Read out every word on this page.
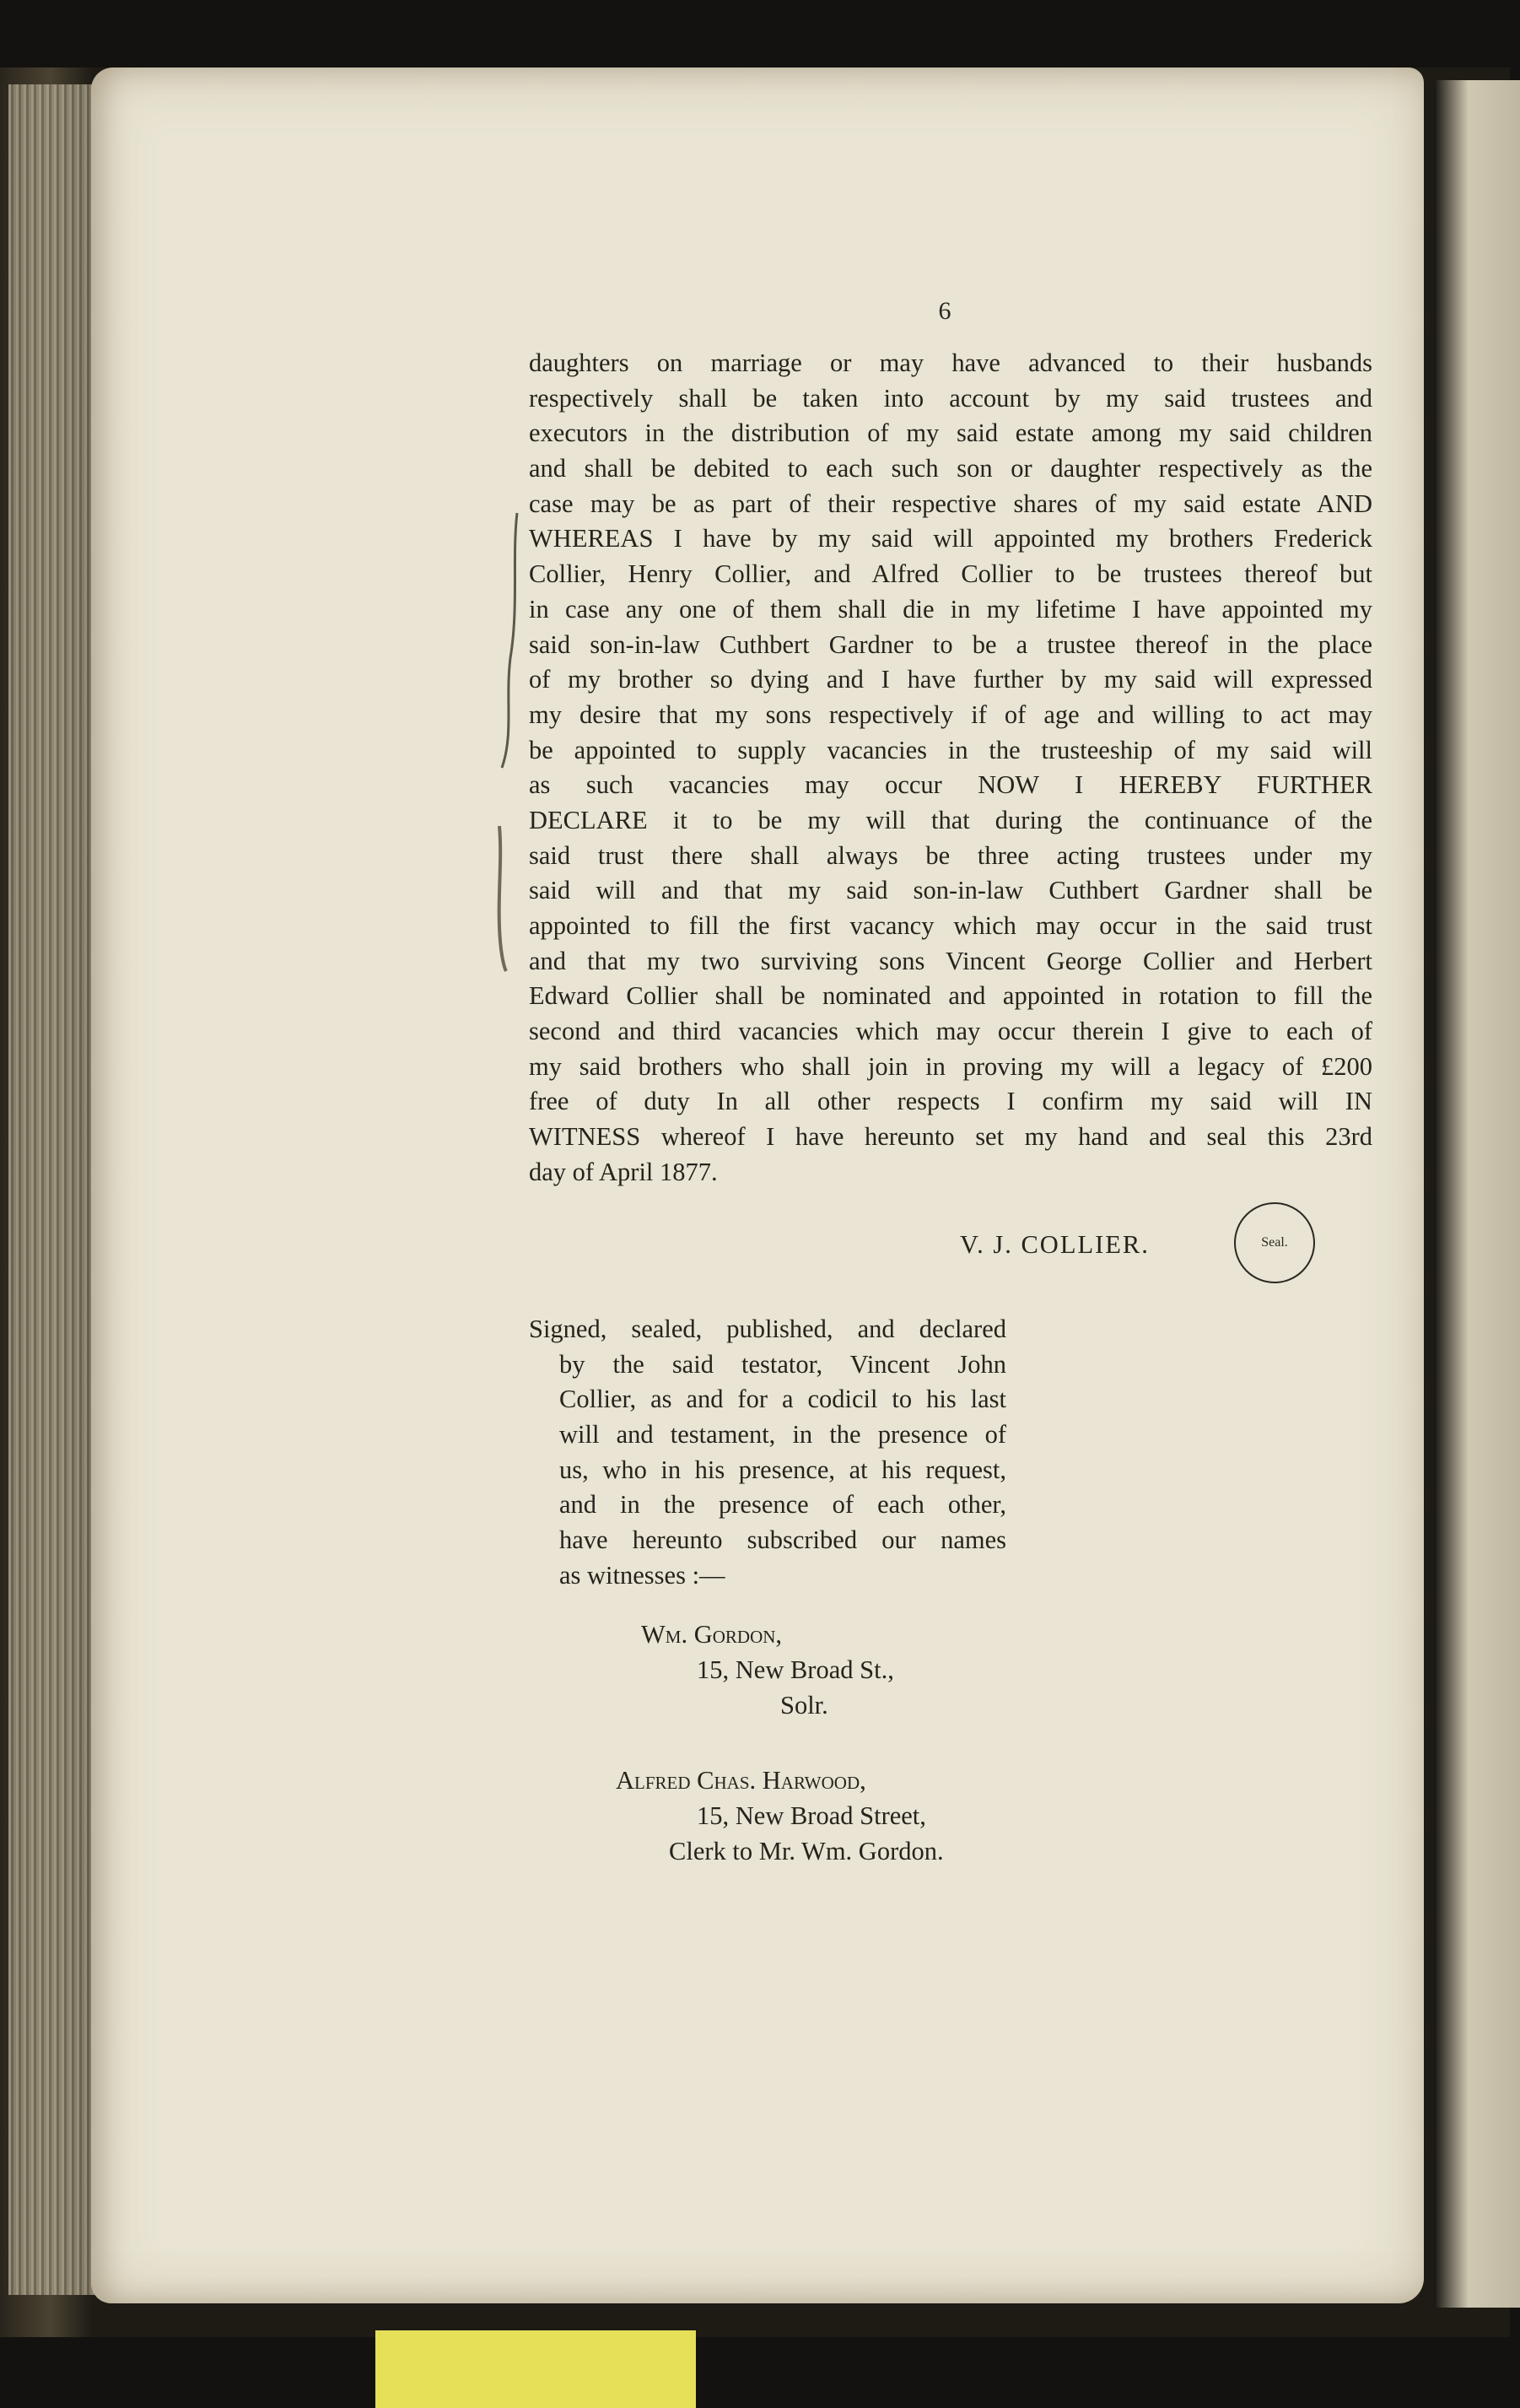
6
daughters on marriage or may have advanced to their husbands
respectively shall be taken into account by my said trustees and
executors in the distribution of my said estate among my said children
and shall be debited to each such son or daughter respectively as the
case may be as part of their respective shares of my said estate AND
WHEREAS I have by my said will appointed my brothers Frederick
Collier, Henry Collier, and Alfred Collier to be trustees thereof but
in case any one of them shall die in my lifetime I have appointed my
said son-in-law Cuthbert Gardner to be a trustee thereof in the place
of my brother so dying and I have further by my said will expressed
my desire that my sons respectively if of age and willing to act may
be appointed to supply vacancies in the trusteeship of my said will
as such vacancies may occur NOW I HEREBY FURTHER
DECLARE it to be my will that during the continuance of the
said trust there shall always be three acting trustees under my
said will and that my said son-in-law Cuthbert Gardner shall be
appointed to fill the first vacancy which may occur in the said trust
and that my two surviving sons Vincent George Collier and Herbert
Edward Collier shall be nominated and appointed in rotation to fill the
second and third vacancies which may occur therein I give to each of
my said brothers who shall join in proving my will a legacy of £200
free of duty In all other respects I confirm my said will IN
WITNESS whereof I have hereunto set my hand and seal this 23rd
day of April 1877.
V. J. COLLIER.	Seal.
Signed, sealed, published, and declared
by the said testator, Vincent John
Collier, as and for a codicil to his last
will and testament, in the presence of
us, who in his presence, at his request,
and in the presence of each other,
have hereunto subscribed our names
as witnesses :—
Wm. Gordon,
15, New Broad St.,
Solr.
Alfred Chas. Harwood,
15, New Broad Street,
Clerk to Mr. Wm. Gordon.
